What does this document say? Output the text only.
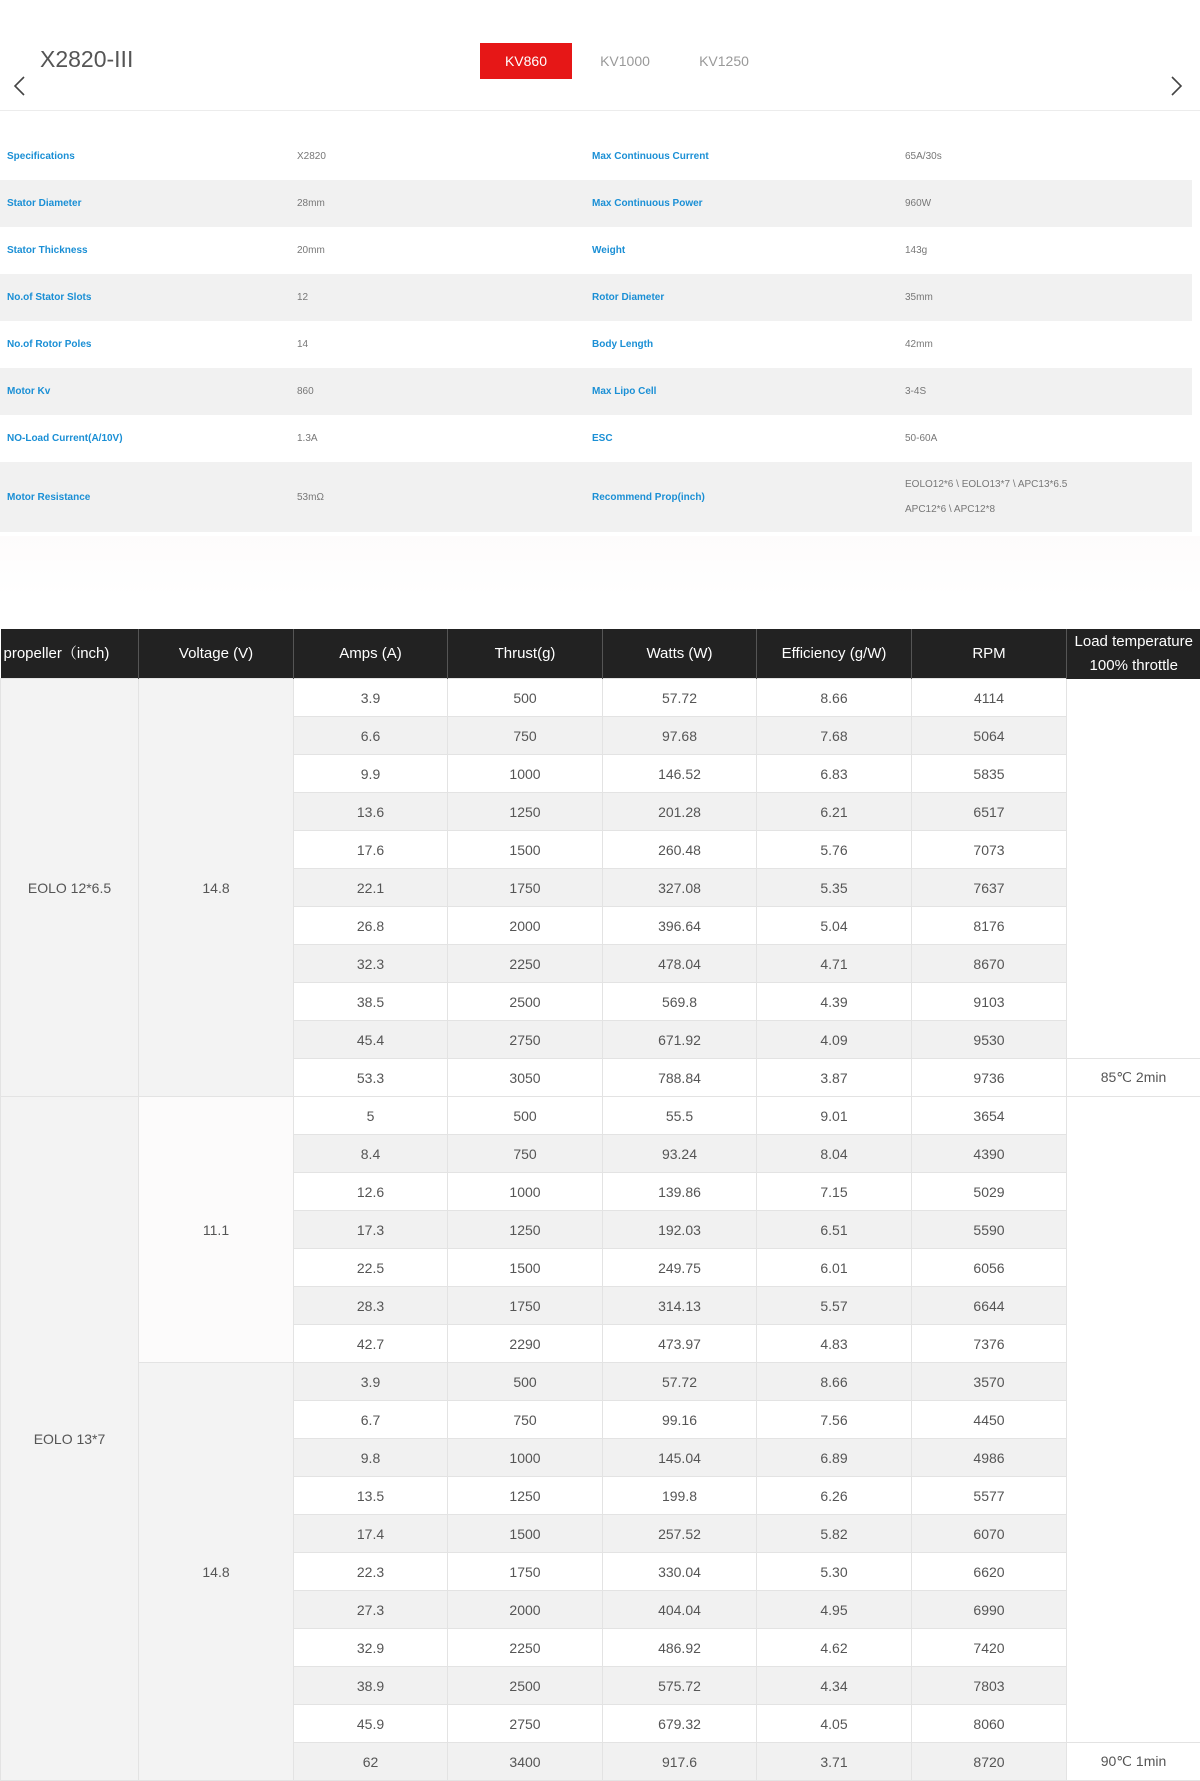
X2820-III	KV860	KV1000	KV1250
Specifications	X2820	Max Continuous Current	65A/30s
Stator Diameter	28mm	Max Continuous Power	960W
Stator Thickness	20mm	Weight	143g
No.of Stator Slots	12	Rotor Diameter	35mm
No.of Rotor Poles	14	Body Length	42mm
Motor Kv	860	Max Lipo Cell	3-4S
NO-Load Current(A/10V)	1.3A	ESC	50-60A
Motor Resistance	53mΩ	Recommend Prop(inch)	EOLO12*6 \ EOLO13*7 \ APC13*6.5
APC12*6 \ APC12*8
propeller（inch)	Voltage (V)	Amps (A)	Thrust(g)	Watts (W)	Efficiency (g/W)	RPM	Load temperature
100% throttle

EOLO 12*6.5	14.8	3.9	500	57.72	8.66	4114	
		6.6	750	97.68	7.68	5064	
		9.9	1000	146.52	6.83	5835	
		13.6	1250	201.28	6.21	6517	
		17.6	1500	260.48	5.76	7073	
		22.1	1750	327.08	5.35	7637	
		26.8	2000	396.64	5.04	8176	
		32.3	2250	478.04	4.71	8670	
		38.5	2500	569.8	4.39	9103	
		45.4	2750	671.92	4.09	9530	
		53.3	3050	788.84	3.87	9736	85℃ 2min
EOLO 13*7	11.1	5	500	55.5	9.01	3654	
		8.4	750	93.24	8.04	4390	
		12.6	1000	139.86	7.15	5029	
		17.3	1250	192.03	6.51	5590	
		22.5	1500	249.75	6.01	6056	
		28.3	1750	314.13	5.57	6644	
		42.7	2290	473.97	4.83	7376	
	14.8	3.9	500	57.72	8.66	3570	
		6.7	750	99.16	7.56	4450	
		9.8	1000	145.04	6.89	4986	
		13.5	1250	199.8	6.26	5577	
		17.4	1500	257.52	5.82	6070	
		22.3	1750	330.04	5.30	6620	
		27.3	2000	404.04	4.95	6990	
		32.9	2250	486.92	4.62	7420	
		38.9	2500	575.72	4.34	7803	
		45.9	2750	679.32	4.05	8060	
		62	3400	917.6	3.71	8720	90℃ 1min
